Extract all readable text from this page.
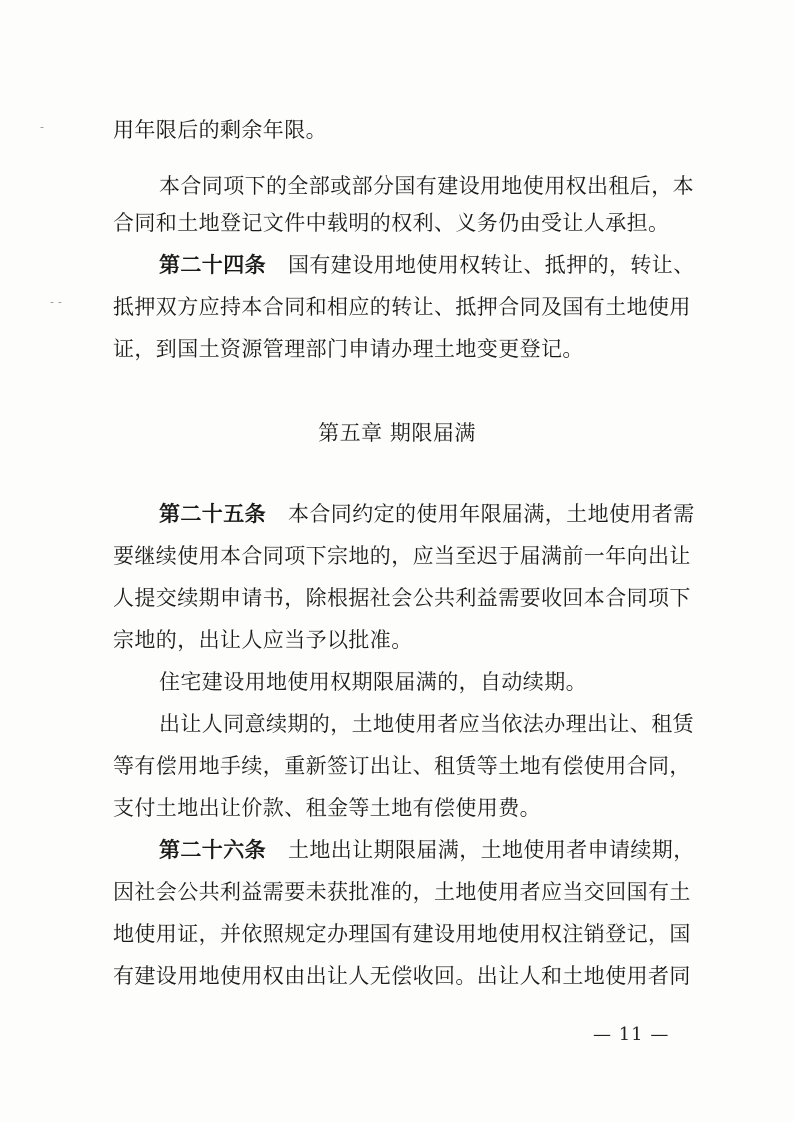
-
- -
用年限后的剩余年限。
本合同项下的全部或部分国有建设用地使用权出租后，本
合同和土地登记文件中载明的权利、义务仍由受让人承担。
第二十四条 国有建设用地使用权转让、抵押的，转让、
抵押双方应持本合同和相应的转让、抵押合同及国有土地使用
证，到国土资源管理部门申请办理土地变更登记。
第五章 期限届满
第二十五条 本合同约定的使用年限届满，土地使用者需
要继续使用本合同项下宗地的，应当至迟于届满前一年向出让
人提交续期申请书，除根据社会公共利益需要收回本合同项下
宗地的，出让人应当予以批准。
住宅建设用地使用权期限届满的，自动续期。
出让人同意续期的，土地使用者应当依法办理出让、租赁
等有偿用地手续，重新签订出让、租赁等土地有偿使用合同，
支付土地出让价款、租金等土地有偿使用费。
第二十六条 土地出让期限届满，土地使用者申请续期，
因社会公共利益需要未获批准的，土地使用者应当交回国有土
地使用证，并依照规定办理国有建设用地使用权注销登记，国
有建设用地使用权由出让人无偿收回。出让人和土地使用者同
— 11 —
